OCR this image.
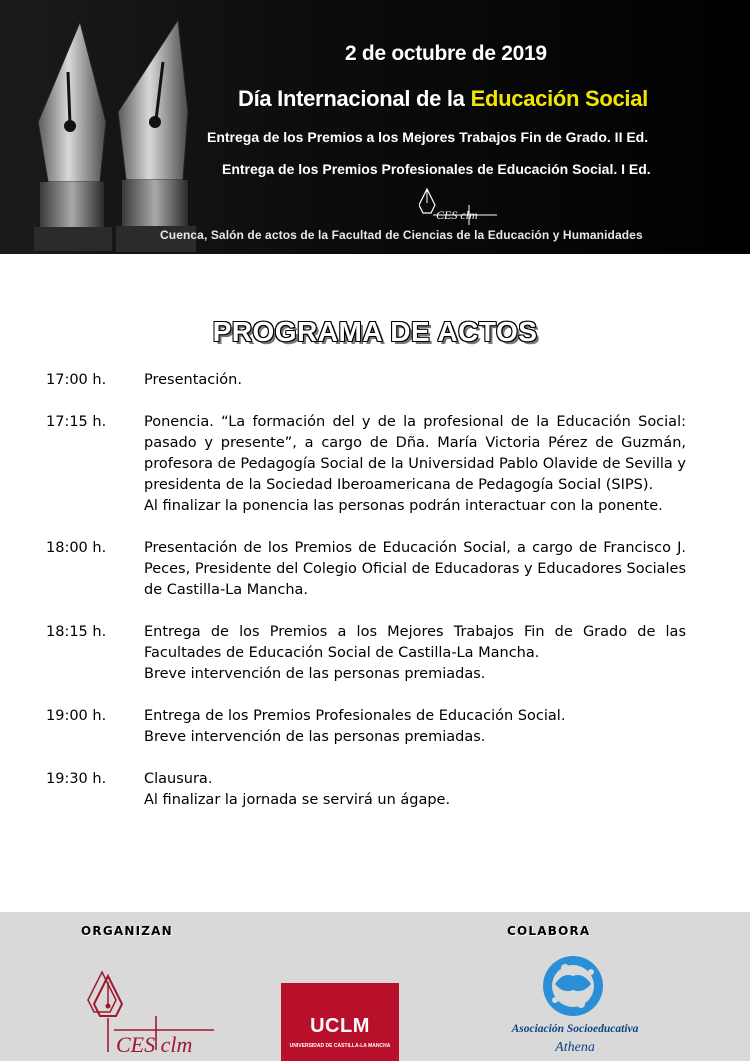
2 de octubre de 2019
Día Internacional de la Educación Social
Entrega de los Premios a los Mejores Trabajos Fin de Grado. II Ed.
Entrega de los Premios Profesionales de Educación Social. I Ed.
CES clm
Cuenca, Salón de actos de la Facultad de Ciencias de la Educación y Humanidades
PROGRAMA DE ACTOS
17:00 h.	Presentación.

17:15 h.	Ponencia. “La formación del y de la profesional de la Educación Social: pasado y presente”, a cargo de Dña. María Victoria Pérez de Guzmán, profesora de Pedagogía Social de la Universidad Pablo Olavide de Sevilla y presidenta de la Sociedad Iberoamericana de Pedagogía Social (SIPS).

Al finalizar la ponencia las personas podrán interactuar con la ponente.

18:00 h.	Presentación de los Premios de Educación Social, a cargo de Francisco J. Peces, Presidente del Colegio Oficial de Educadoras y Educadores Sociales de Castilla-La Mancha.

18:15 h.	Entrega de los Premios a los Mejores Trabajos Fin de Grado de las Facultades de Educación Social de Castilla-La Mancha.

Breve intervención de las personas premiadas.

19:00 h.	Entrega de los Premios Profesionales de Educación Social.

Breve intervención de las personas premiadas.

19:30 h.	Clausura.

Al finalizar la jornada se servirá un ágape.

ORGANIZAN	COLABORA
CES clm
UCLM
UNIVERSIDAD DE CASTILLA-LA MANCHA
Asociación Socioeducativa
Athena
